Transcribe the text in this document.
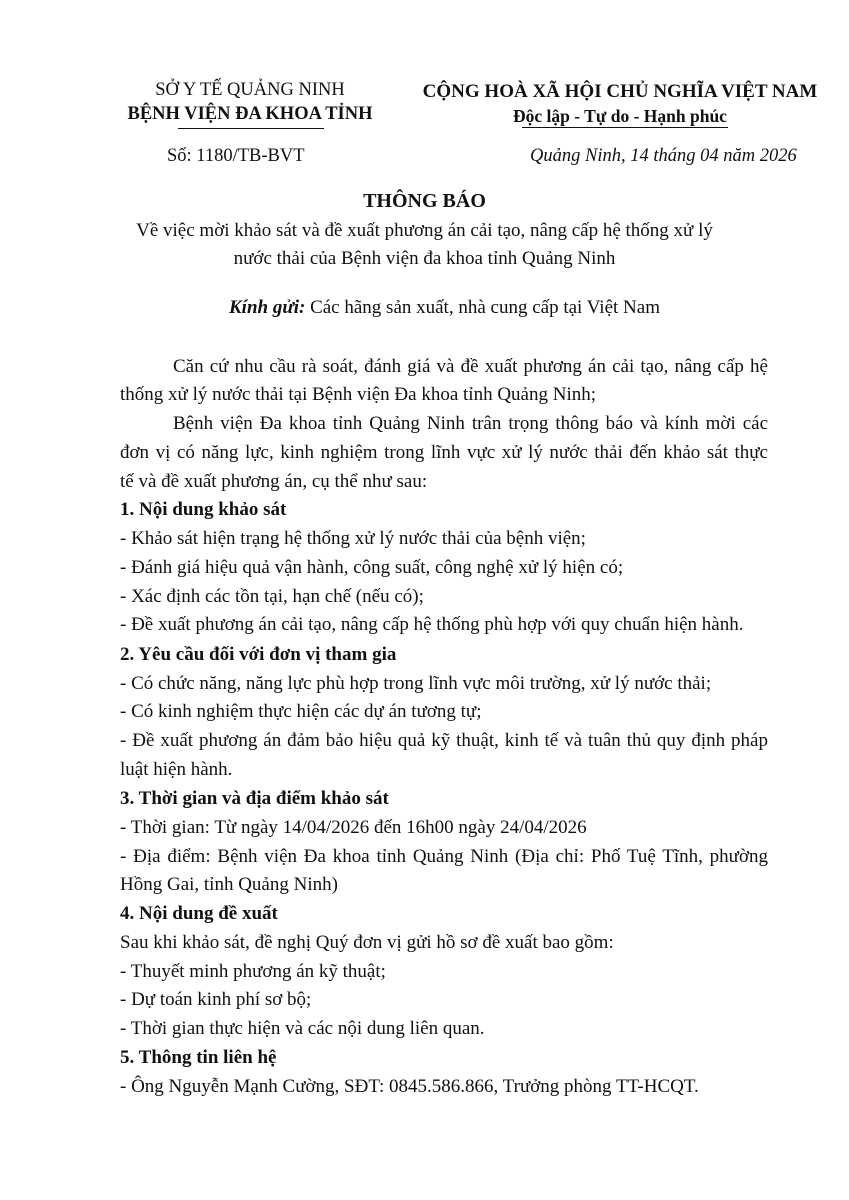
SỞ Y TẾ QUẢNG NINH
BỆNH VIỆN ĐA KHOA TỈNH
CỘNG HOÀ XÃ HỘI CHỦ NGHĨA VIỆT NAM
Độc lập - Tự do - Hạnh phúc
Số: 1180/TB-BVT	Quảng Ninh, 14 tháng 04 năm 2026
THÔNG BÁO
Về việc mời khảo sát và đề xuất phương án cải tạo, nâng cấp hệ thống xử lý
nước thải của Bệnh viện đa khoa tỉnh Quảng Ninh
Kính gửi: Các hãng sản xuất, nhà cung cấp tại Việt Nam
Căn cứ nhu cầu rà soát, đánh giá và đề xuất phương án cải tạo, nâng cấp hệ
thống xử lý nước thải tại Bệnh viện Đa khoa tỉnh Quảng Ninh;
Bệnh viện Đa khoa tỉnh Quảng Ninh trân trọng thông báo và kính mời các
đơn vị có năng lực, kinh nghiệm trong lĩnh vực xử lý nước thải đến khảo sát thực
tế và đề xuất phương án, cụ thể như sau:
1. Nội dung khảo sát
- Khảo sát hiện trạng hệ thống xử lý nước thải của bệnh viện;
- Đánh giá hiệu quả vận hành, công suất, công nghệ xử lý hiện có;
- Xác định các tồn tại, hạn chế (nếu có);
- Đề xuất phương án cải tạo, nâng cấp hệ thống phù hợp với quy chuẩn hiện hành.
2. Yêu cầu đối với đơn vị tham gia
- Có chức năng, năng lực phù hợp trong lĩnh vực môi trường, xử lý nước thải;
- Có kinh nghiệm thực hiện các dự án tương tự;
- Đề xuất phương án đảm bảo hiệu quả kỹ thuật, kinh tế và tuân thủ quy định pháp
luật hiện hành.
3. Thời gian và địa điểm khảo sát
- Thời gian: Từ ngày 14/04/2026 đến 16h00 ngày 24/04/2026
- Địa điểm: Bệnh viện Đa khoa tỉnh Quảng Ninh (Địa chỉ: Phố Tuệ Tĩnh, phường
Hồng Gai, tỉnh Quảng Ninh)
4. Nội dung đề xuất
Sau khi khảo sát, đề nghị Quý đơn vị gửi hồ sơ đề xuất bao gồm:
- Thuyết minh phương án kỹ thuật;
- Dự toán kinh phí sơ bộ;
- Thời gian thực hiện và các nội dung liên quan.
5. Thông tin liên hệ
- Ông Nguyễn Mạnh Cường, SĐT: 0845.586.866, Trưởng phòng TT-HCQT.
